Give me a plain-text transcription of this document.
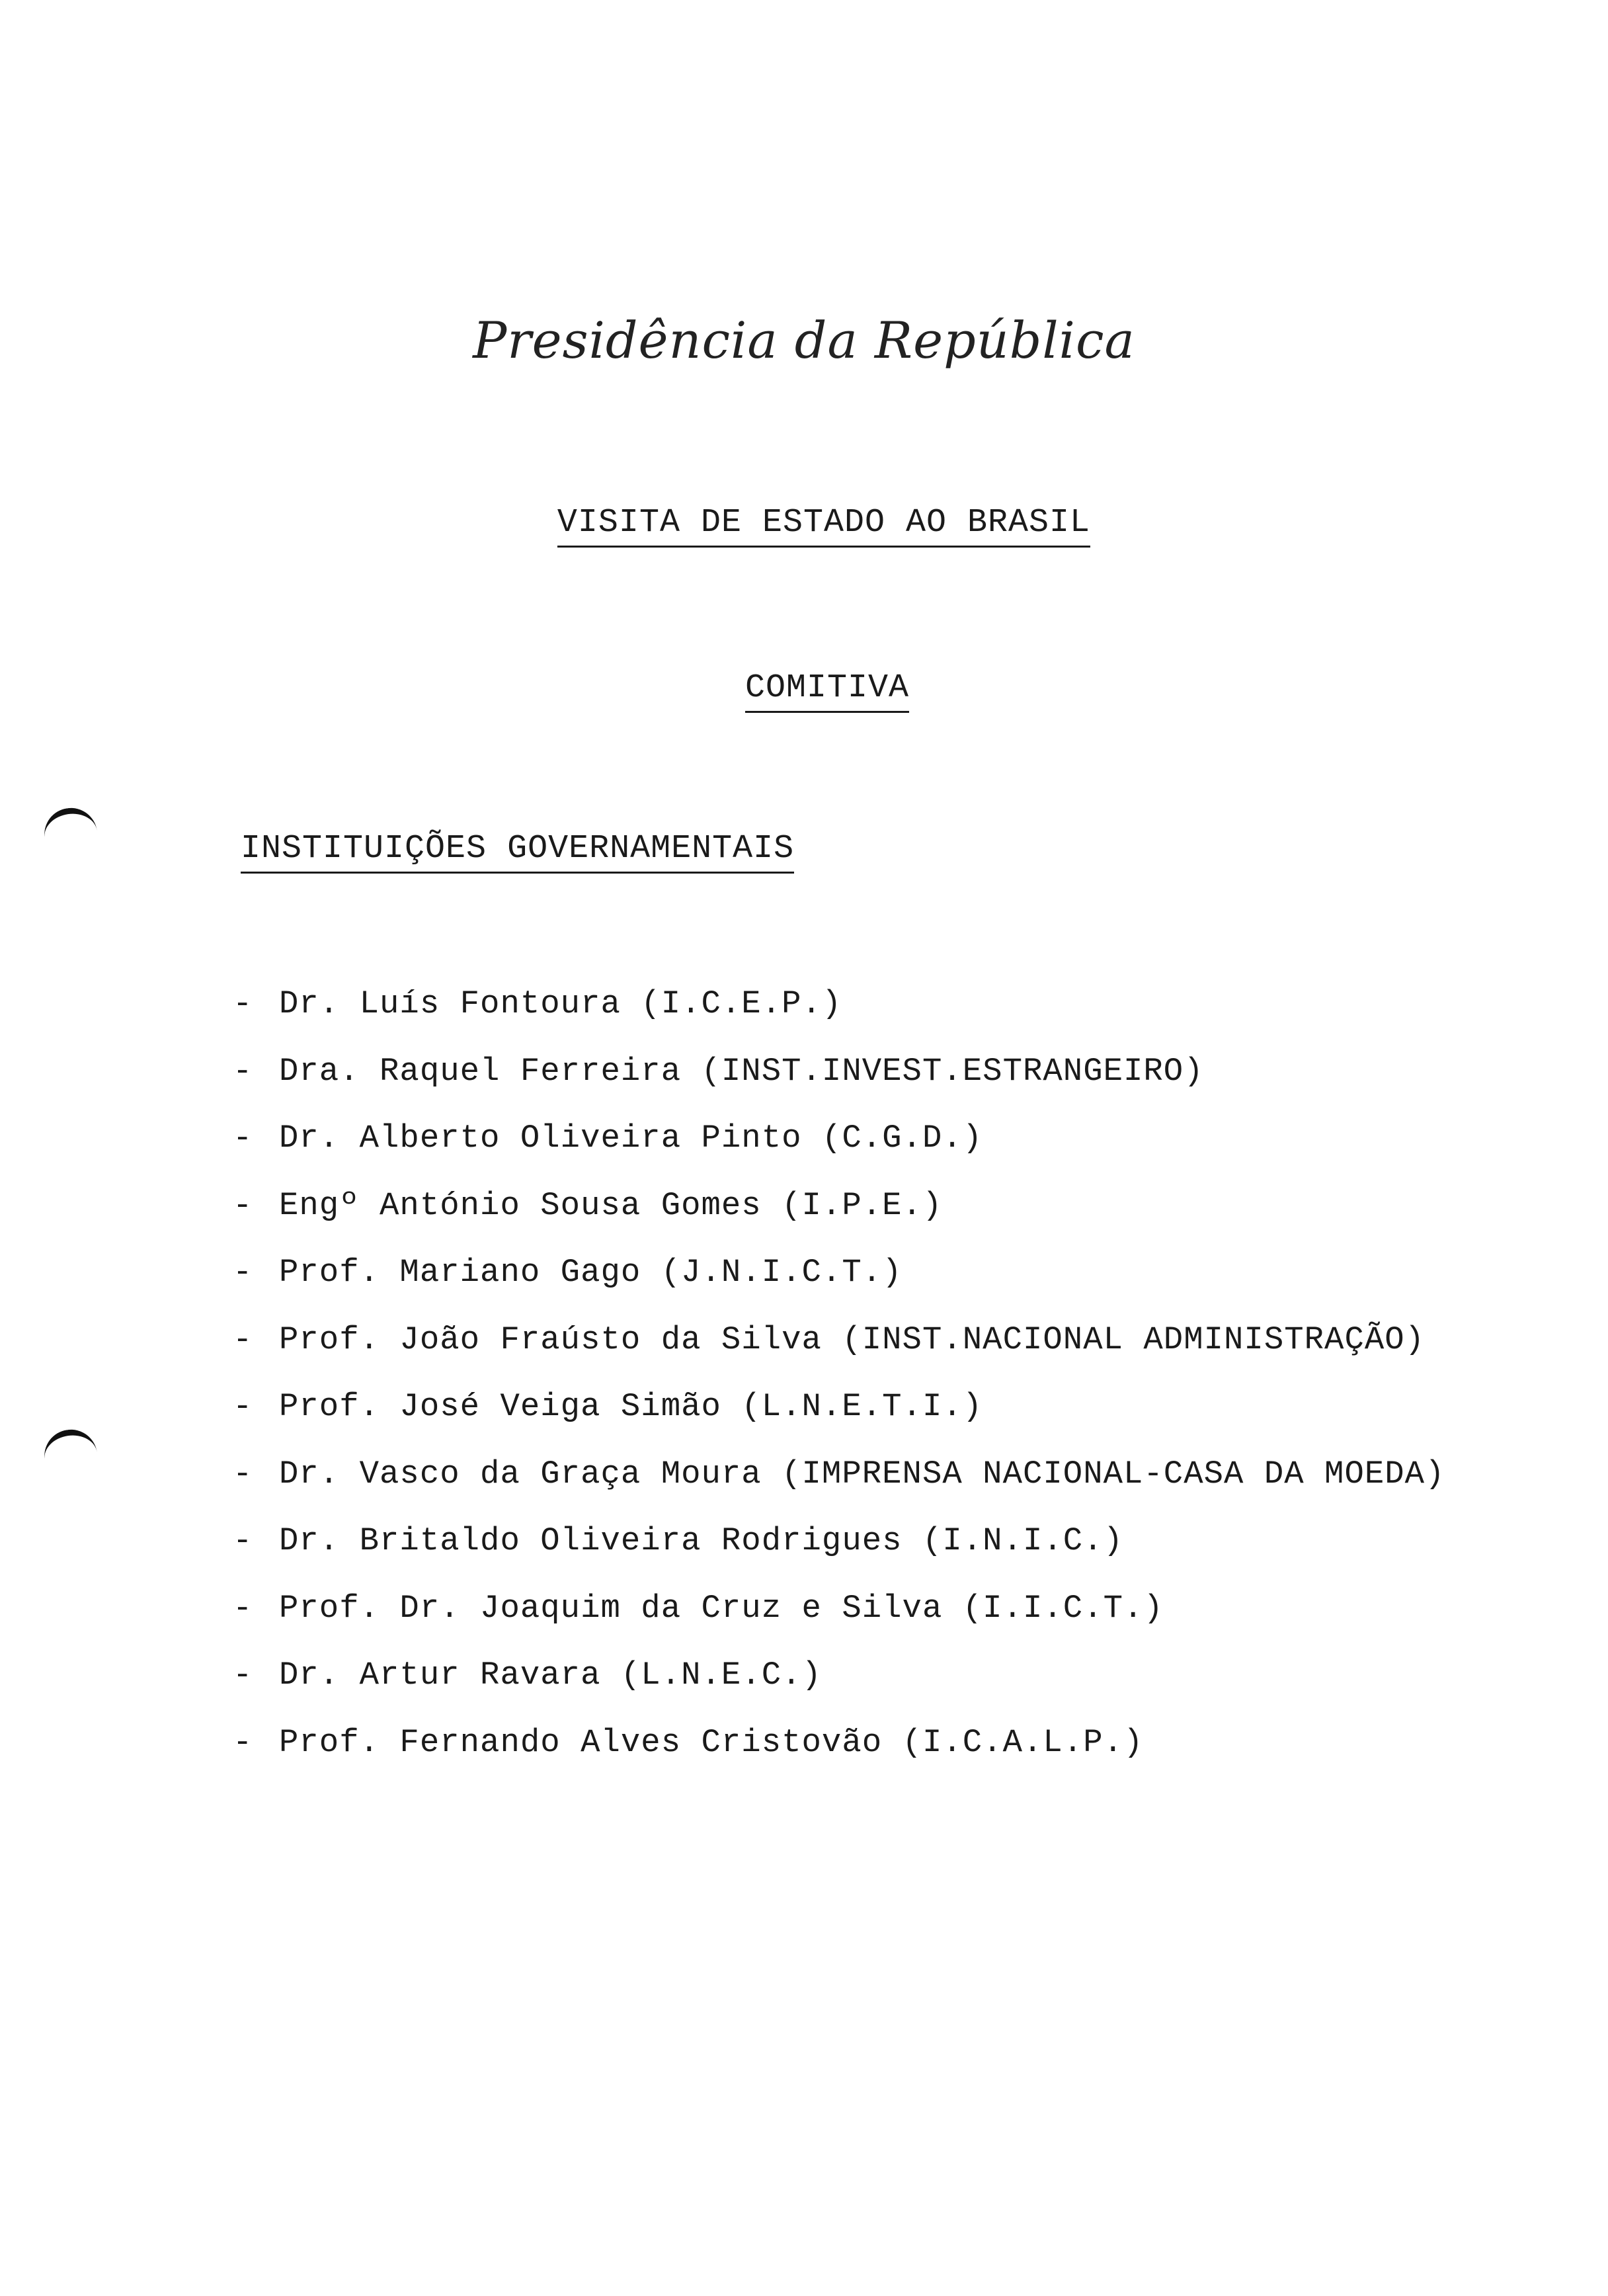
Presidência da República
VISITA DE ESTADO AO BRASIL
COMITIVA
INSTITUIÇÕES GOVERNAMENTAIS
- Dr. Luís Fontoura (I.C.E.P.)
- Dra. Raquel Ferreira (INST.INVEST.ESTRANGEIRO)
- Dr. Alberto Oliveira Pinto (C.G.D.)
- Engº António Sousa Gomes (I.P.E.)
- Prof. Mariano Gago (J.N.I.C.T.)
- Prof. João Fraústo da Silva (INST.NACIONAL ADMINISTRAÇÃO)
- Prof. José Veiga Simão (L.N.E.T.I.)
- Dr. Vasco da Graça Moura (IMPRENSA NACIONAL-CASA DA MOEDA)
- Dr. Britaldo Oliveira Rodrigues (I.N.I.C.)
- Prof. Dr. Joaquim da Cruz e Silva (I.I.C.T.)
- Dr. Artur Ravara (L.N.E.C.)
- Prof. Fernando Alves Cristovão (I.C.A.L.P.)
